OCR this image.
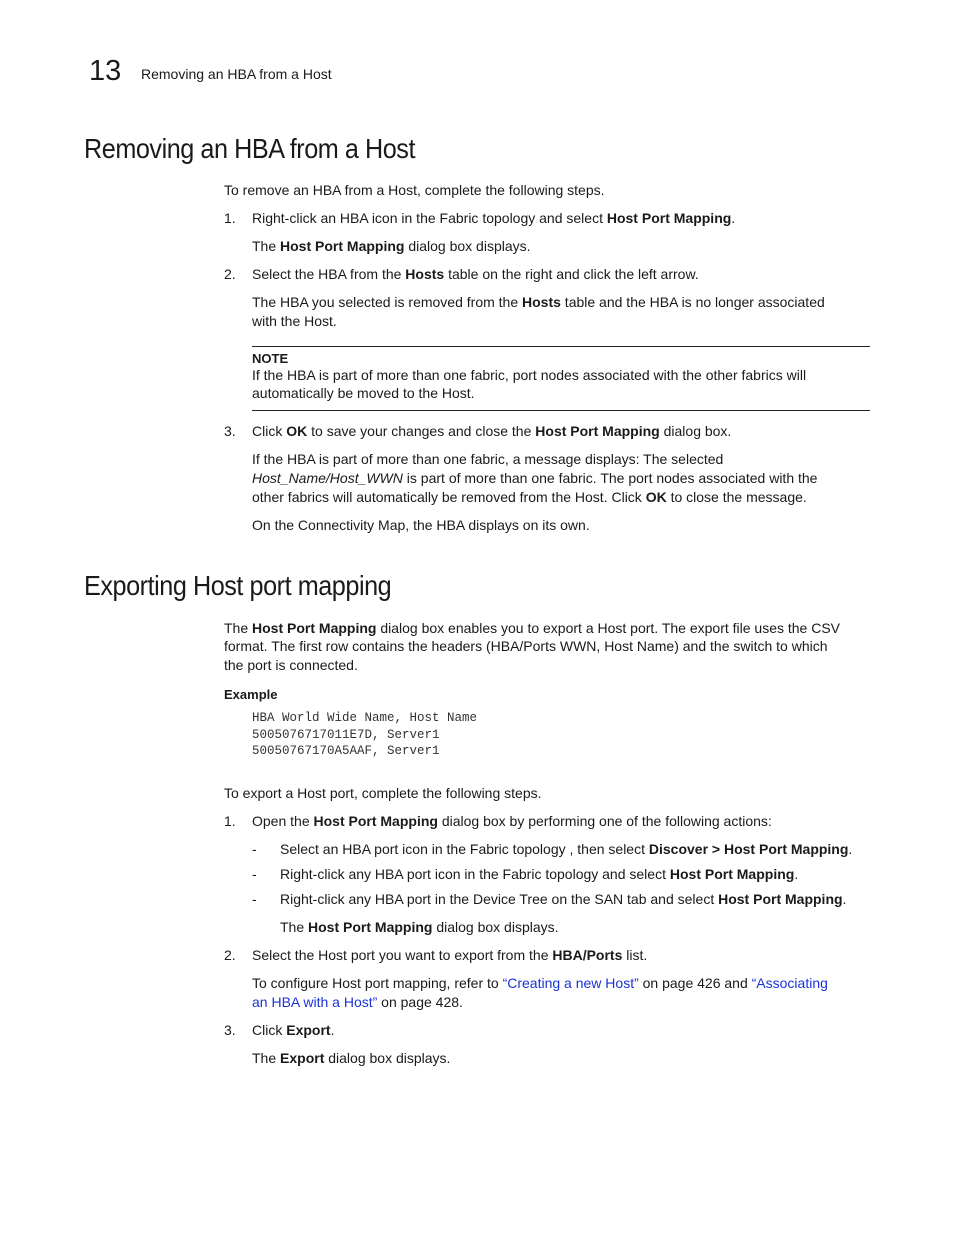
13 Removing an HBA from a Host
Removing an HBA from a Host
To remove an HBA from a Host, complete the following steps.
1.	Right-click an HBA icon in the Fabric topology and select Host Port Mapping.
The Host Port Mapping dialog box displays.
2.	Select the HBA from the Hosts table on the right and click the left arrow.
The HBA you selected is removed from the Hosts table and the HBA is no longer associated
with the Host.
NOTE
If the HBA is part of more than one fabric, port nodes associated with the other fabrics will
automatically be moved to the Host.
3.	Click OK to save your changes and close the Host Port Mapping dialog box.
If the HBA is part of more than one fabric, a message displays: The selected
Host_Name/Host_WWN is part of more than one fabric. The port nodes associated with the
other fabrics will automatically be removed from the Host. Click OK to close the message.
On the Connectivity Map, the HBA displays on its own.
Exporting Host port mapping
The Host Port Mapping dialog box enables you to export a Host port. The export file uses the CSV
format. The first row contains the headers (HBA/Ports WWN, Host Name) and the switch to which
the port is connected.
Example
HBA World Wide Name, Host Name
5005076717011E7D, Server1
50050767170A5AAF, Server1
To export a Host port, complete the following steps.
1.	Open the Host Port Mapping dialog box by performing one of the following actions:
-	Select an HBA port icon in the Fabric topology , then select Discover > Host Port Mapping.
-	Right-click any HBA port icon in the Fabric topology and select Host Port Mapping.
-	Right-click any HBA port in the Device Tree on the SAN tab and select Host Port Mapping.
The Host Port Mapping dialog box displays.
2.	Select the Host port you want to export from the HBA/Ports list.
To configure Host port mapping, refer to “Creating a new Host” on page 426 and “Associating
an HBA with a Host” on page 428.
3.	Click Export.
The Export dialog box displays.
